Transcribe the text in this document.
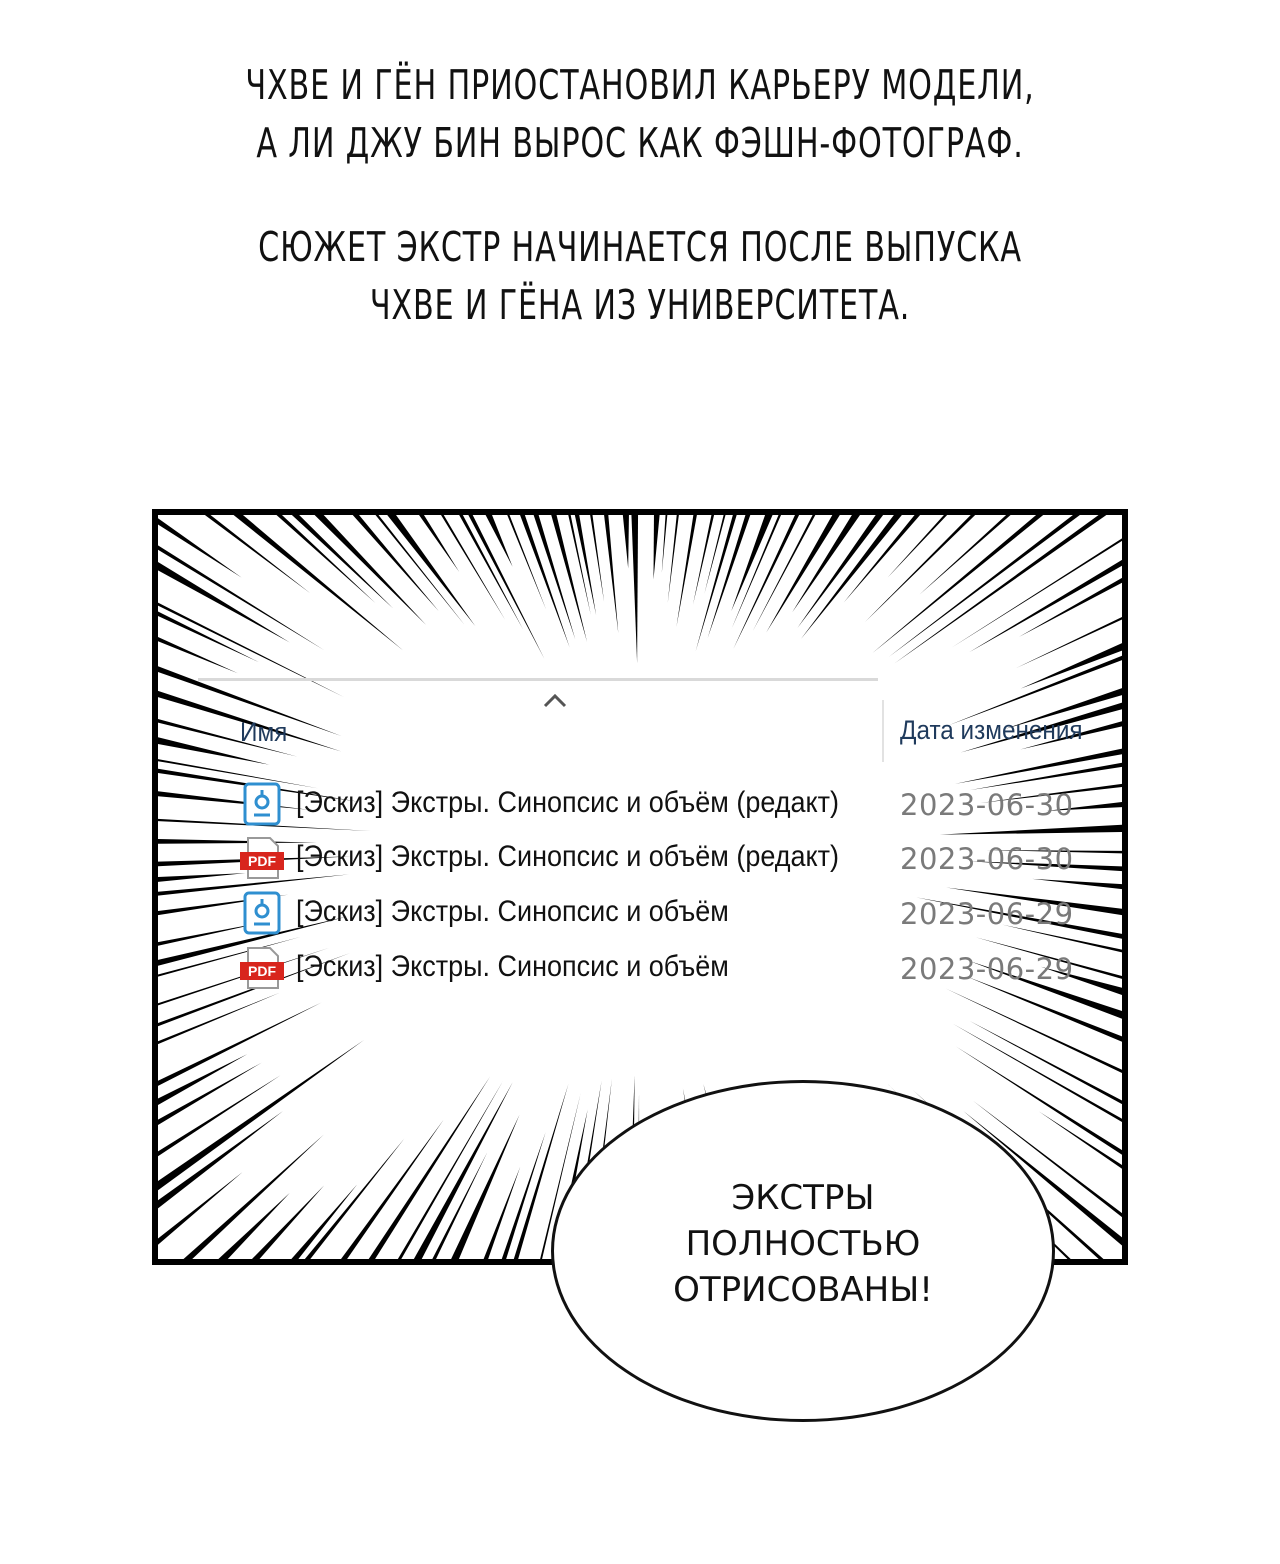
ЧХВЕ И ГЁН ПРИОСТАНОВИЛ КАРЬЕРУ МОДЕЛИ,
А ЛИ ДЖУ БИН ВЫРОС КАК ФЭШН-ФОТОГРАФ.
СЮЖЕТ ЭКСТР НАЧИНАЕТСЯ ПОСЛЕ ВЫПУСКА
ЧХВЕ И ГЁНА ИЗ УНИВЕРСИТЕТА.
Имя	Дата изменения
[Эскиз] Экстры. Синопсис и объём (редакт) 2023-06-30
PDF [Эскиз] Экстры. Синопсис и объём (редакт) 2023-06-30
[Эскиз] Экстры. Синопсис и объём	2023-06-29
PDF [Эскиз] Экстры. Синопсис и объём	2023-06-29
ЭКСТРЫ
ПОЛНОСТЬЮ
ОТРИСОВАНЫ!
